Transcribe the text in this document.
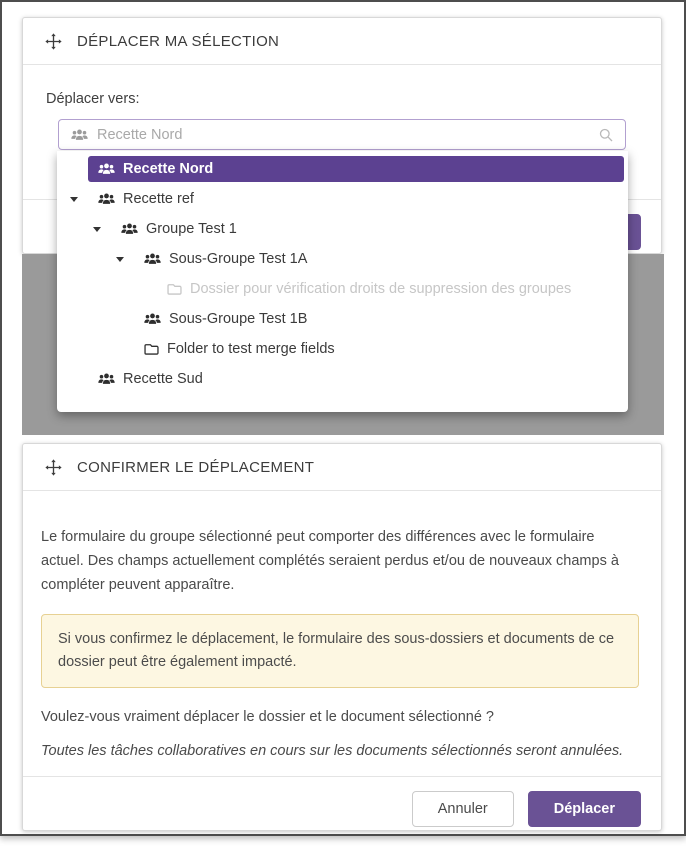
DÉPLACER MA SÉLECTION
Déplacer vers:
Recette Nord
Recette Nord
Recette ref
Groupe Test 1
Sous-Groupe Test 1A
Dossier pour vérification droits de suppression des groupes
Sous-Groupe Test 1B
Folder to test merge fields
Recette Sud
CONFIRMER LE DÉPLACEMENT

Le formulaire du groupe sélectionné peut comporter des différences avec le formulaire actuel. Des champs actuellement complétés seraient perdus et/ou de nouveaux champs à compléter peuvent apparaître.

Si vous confirmez le déplacement, le formulaire des sous-dossiers et documents de ce dossier peut être également impacté.
Voulez-vous vraiment déplacer le dossier et le document sélectionné ?
Toutes les tâches collaboratives en cours sur les documents sélectionnés seront annulées.
Annuler	Déplacer
